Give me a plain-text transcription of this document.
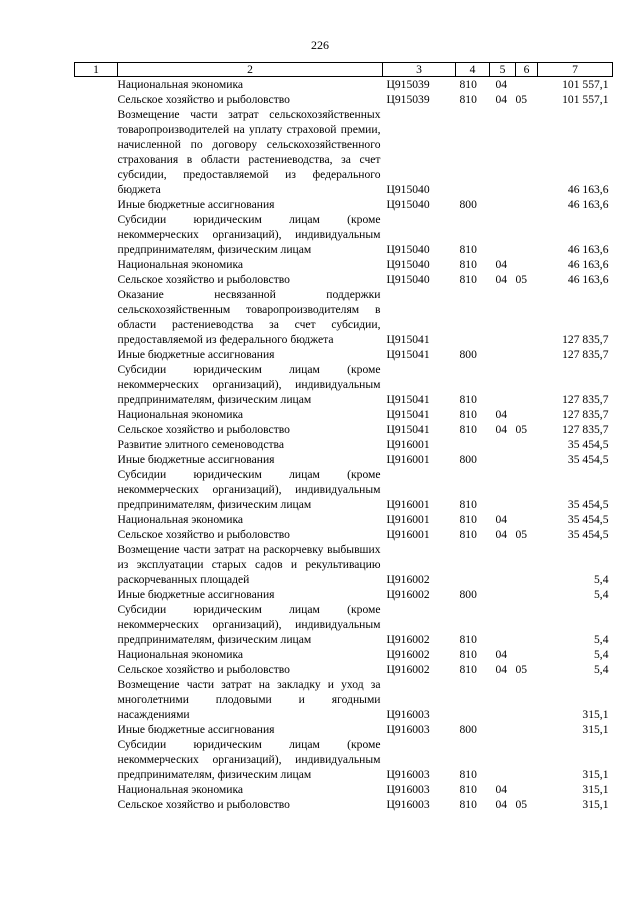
226
1	2	3	4	5	6	7
Национальная экономика		Ц915039	810	04		101 557,1
Сельское хозяйство и рыболовство		Ц915039	810	04	05	101 557,1
Возмещение части затрат сельскохозяйственных товаропроизводителей на уплату страховой премии, начисленной по договору сельскохозяйственного страхования в области растениеводства, за счет субсидии, предоставляемой из федерального бюджета		Ц915040				46 163,6
Иные бюджетные ассигнования		Ц915040	800			46 163,6
Субсидии юридическим лицам (кроме некоммерческих организаций), индивидуальным предпринимателям, физическим лицам		Ц915040	810			46 163,6
Национальная экономика		Ц915040	810	04		46 163,6
Сельское хозяйство и рыболовство		Ц915040	810	04	05	46 163,6
Оказание несвязанной поддержки сельскохозяйственным товаропроизводителям в области растениеводства за счет субсидии, предоставляемой из федерального бюджета		Ц915041				127 835,7
Иные бюджетные ассигнования		Ц915041	800			127 835,7
Субсидии юридическим лицам (кроме некоммерческих организаций), индивидуальным предпринимателям, физическим лицам		Ц915041	810			127 835,7
Национальная экономика		Ц915041	810	04		127 835,7
Сельское хозяйство и рыболовство		Ц915041	810	04	05	127 835,7
Развитие элитного семеноводства		Ц916001				35 454,5
Иные бюджетные ассигнования		Ц916001	800			35 454,5
Субсидии юридическим лицам (кроме некоммерческих организаций), индивидуальным предпринимателям, физическим лицам		Ц916001	810			35 454,5
Национальная экономика		Ц916001	810	04		35 454,5
Сельское хозяйство и рыболовство		Ц916001	810	04	05	35 454,5
Возмещение части затрат на раскорчевку выбывших из эксплуатации старых садов и рекультивацию раскорчеванных площадей		Ц916002				5,4
Иные бюджетные ассигнования		Ц916002	800			5,4
Субсидии юридическим лицам (кроме некоммерческих организаций), индивидуальным предпринимателям, физическим лицам		Ц916002	810			5,4
Национальная экономика		Ц916002	810	04		5,4
Сельское хозяйство и рыболовство		Ц916002	810	04	05	5,4
Возмещение части затрат на закладку и уход за многолетними плодовыми и ягодными насаждениями		Ц916003				315,1
Иные бюджетные ассигнования		Ц916003	800			315,1
Субсидии юридическим лицам (кроме некоммерческих организаций), индивидуальным предпринимателям, физическим лицам		Ц916003	810			315,1
Национальная экономика		Ц916003	810	04		315,1
Сельское хозяйство и рыболовство		Ц916003	810	04	05	315,1
